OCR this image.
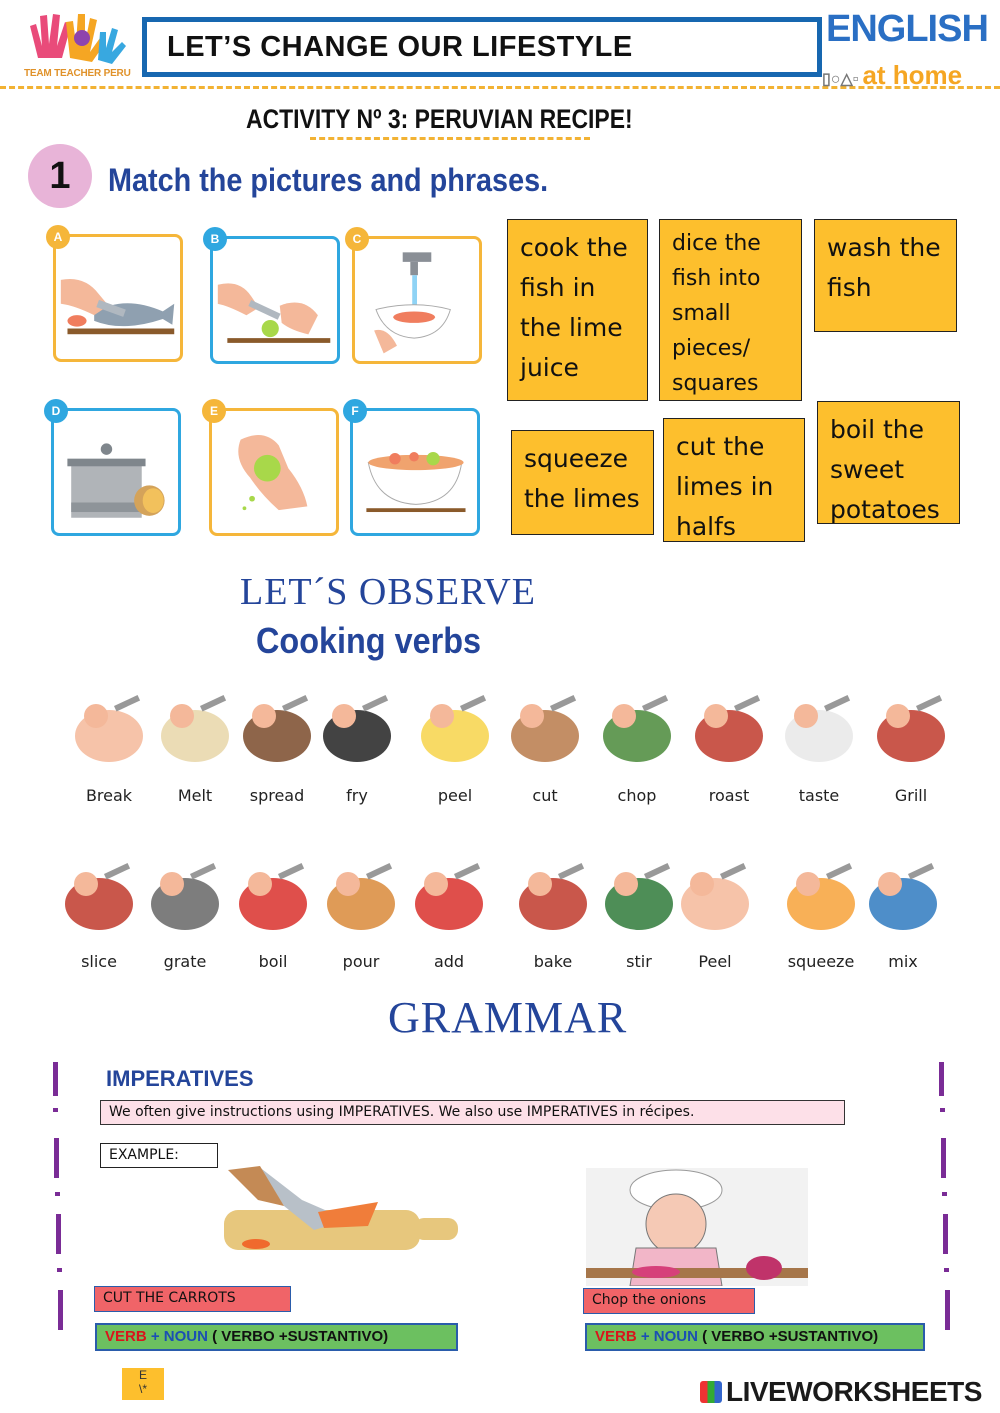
TEAM TEACHER PERU
LET’S CHANGE OUR LIFESTYLE	ENGLISH
▯○△▫ at home
ACTIVITY Nº 3: PERUVIAN RECIPE!
1	Match the pictures and phrases.
A	B	C
D	E	F
cook the fish in the lime juice
dice the fish into small pieces/ squares
wash the fish
squeeze the limes
cut the limes in halfs
boil the sweet potatoes
LET´S OBSERVE
Cooking verbs
GRAMMAR
IMPERATIVES
We often give instructions using IMPERATIVES. We also use IMPERATIVES in récipes.
EXAMPLE:
CUT THE CARROTS	Chop the onions
VERB + NOUN ( VERBO +SUSTANTIVO)	VERB + NOUN ( VERBO +SUSTANTIVO)
E
\*	LIVEWORKSHEETS
Break	Melt	spread	fry	peel	cut	chop	roast	taste	Grill
slice	grate	boil	pour	add	bake	stir	Peel	squeeze	mix
